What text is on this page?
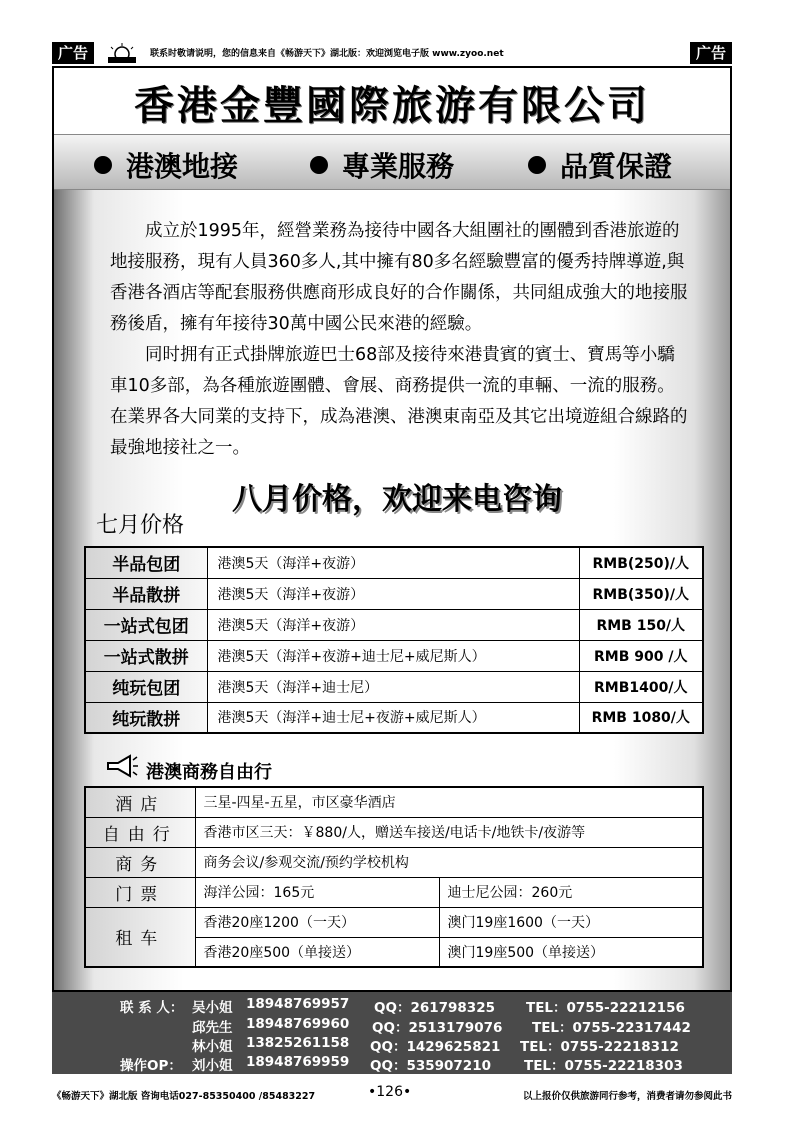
广告	联系时敬请说明，您的信息来自《畅游天下》湖北版：欢迎浏览电子版 www.zyoo.net	广告
香港金豐國際旅游有限公司
港澳地接	專業服務	品質保證

成立於1995年，經營業務為接待中國各大組團社的團體到香港旅遊的地接服務，現有人員360多人,其中擁有80多名經驗豐富的優秀持牌導遊,與香港各酒店等配套服務供應商形成良好的合作關係，共同組成強大的地接服務後盾，擁有年接待30萬中國公民來港的經驗。

同时拥有正式掛牌旅遊巴士68部及接待來港貴賓的賓士、寶馬等小驕車10多部，為各種旅遊團體、會展、商務提供一流的車輛、一流的服務。在業界各大同業的支持下，成為港澳、港澳東南亞及其它出境遊組合線路的最強地接社之一。

八月价格，欢迎来电咨询
七月价格
半品包团	港澳5天（海洋+夜游）	RMB(250)/人
半品散拼	港澳5天（海洋+夜游）	RMB(350)/人
一站式包团	港澳5天（海洋+夜游）	RMB 150/人
一站式散拼	港澳5天（海洋+夜游+迪士尼+威尼斯人）	RMB 900 /人
纯玩包团	港澳5天（海洋+迪士尼）	RMB1400/人
纯玩散拼	港澳5天（海洋+迪士尼+夜游+威尼斯人）	RMB 1080/人
港澳商務自由行
酒店	三星-四星-五星，市区豪华酒店	
自由行	香港市区三天：￥880/人，赠送车接送/电话卡/地铁卡/夜游等	
商务	商务会议/参观交流/预约学校机构	
门票	海洋公园：165元	迪士尼公园：260元
租车	香港20座1200（一天）	澳门19座1600（一天）
	香港20座500（单接送）	澳门19座500（单接送）
联 系 人： 吴小姐 18948769957 QQ：261798325 TEL：0755-22212156
邱先生 18948769960 QQ：2513179076 TEL：0755-22317442
林小姐 13825261158 QQ：1429625821 TEL：0755-22218312
操作OP： 刘小姐 18948769959 QQ：535907210 TEL：0755-22218303
《畅游天下》湖北版 咨询电话027-85350400 /85483227	•126•	以上报价仅供旅游同行参考，消费者请勿参阅此书
